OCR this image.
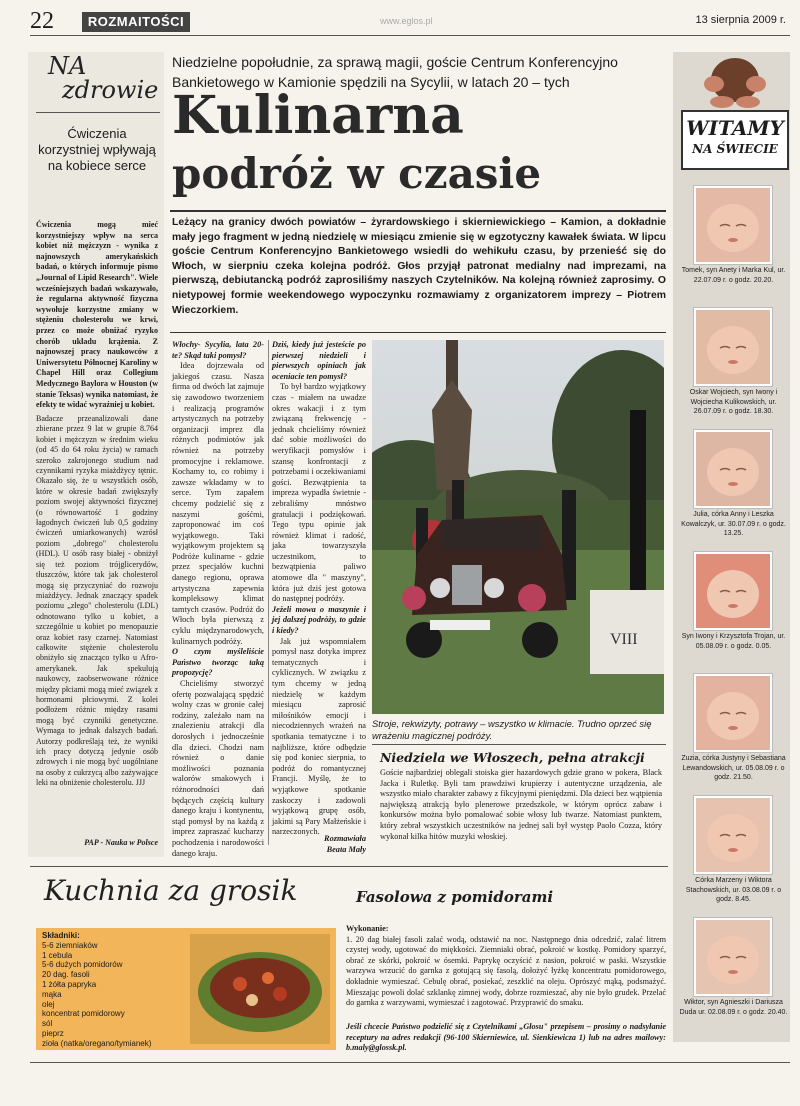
22	ROZMAITOŚCI	www.eglos.pl	13 sierpnia 2009 r.
NA
zdrowie
Ćwiczenia korzystniej wpływają na kobiece serce
Ćwiczenia mogą mieć korzystniejszy wpływ na serca kobiet niż mężczyzn - wynika z najnowszych amerykańskich badań, o których informuje pismo „Journal of Lipid Research". Wiele wcześniejszych badań wskazywało, że regularna aktywność fizyczna wywołuje korzystne zmiany w stężeniu cholesterolu we krwi, przez co może obniżać ryzyko chorób układu krążenia. Z najnowszej pracy naukowców z Uniwersytetu Północnej Karoliny w Chapel Hill oraz Collegium Medycznego Baylora w Houston (w stanie Teksas) wynika natomiast, że efekty te widać wyraźniej u kobiet.
Badacze przeanalizowali dane zbierane przez 9 lat w grupie 8.764 kobiet i mężczyzn w średnim wieku (od 45 do 64 roku życia) w ramach szeroko zakrojonego studium nad czynnikami ryzyka miażdżycy tętnic. Okazało się, że u wszystkich osób, które w okresie badań zwiększyły poziom swojej aktywności fizycznej (o równowartość 1 godziny łagodnych ćwiczeń lub 0,5 godziny ćwiczeń umiarkowanych) wzrósł poziom „dobrego" cholesterolu (HDL). U osób rasy białej - obniżył się też poziom trójglicerydów, tłuszczów, które tak jak cholesterol mogą się przyczyniać do rozwoju miażdżycy. Jednak znaczący spadek poziomu „złego" cholesterolu (LDL) odnotowano tylko u kobiet, a szczególnie u kobiet po menopauzie oraz kobiet rasy czarnej. Natomiast całkowite stężenie cholesterolu obniżyło się znacząco tylko u Afro-amerykanek. Jak spekulują naukowcy, zaobserwowane różnice między płciami mogą mieć związek z hormonami płciowymi. Z kolei podłożem różnic między rasami mogą być czynniki genetyczne. Wymaga to jednak dalszych badań. Autorzy podkreślają też, że wyniki ich pracy dotyczą jedynie osób zdrowych i nie mogą być uogólniane na osoby z cukrzycą albo zażywające leki na obniżenie cholesterolu. JJJ
PAP - Nauka w Polsce
Niedzielne popołudnie, za sprawą magii, goście Centrum Konferencyjno Bankietowego w Kamionie spędzili na Sycylii, w latach 20 – tych
Kulinarna
podróż w czasie
Leżący na granicy dwóch powiatów – żyrardowskiego i skierniewickiego – Kamion, a dokładnie mały jego fragment w jedną niedzielę w miesiącu zmienie się w egzotyczny kawałek świata. W lipcu goście Centrum Konferencyjno Bankietowego wsiedli do wehikułu czasu, by przenieść się do Włoch, w sierpniu czeka kolejna podróż. Głos przyjął patronat medialny nad imprezami, na pierwszą, debiutancką podróż zaprosiliśmy naszych Czytelników. Na kolejną również zaprosimy. O nietypowej formie weekendowego wypoczynku rozmawiamy z organizatorem imprezy – Piotrem Wieczorkiem.

Włochy- Sycylia, lata 20-te? Skąd taki pomysł?

Idea dojrzewała od jakiegoś czasu. Nasza firma od dwóch lat zajmuje się zawodowo tworzeniem i realizacją programów artystycznych na potrzeby organizacji imprez dla różnych podmiotów jak również na potrzeby promocyjne i reklamowe. Kochamy to, co robimy i zawsze wkładamy w to serce. Tym zapałem chcemy podzielić się z naszymi gośćmi, zaproponować im coś wyjątkowego. Taki wyjątkowym projektem są Podróże kulinarne - gdzie przez specjałów kuchni danego regionu, oprawa artystyczna zapewnia kompleksowy klimat tamtych czasów. Podróż do Włoch była pierwszą z cyklu międzynarodowych, kulinarnych podróży.

O czym myśleliście Państwo tworząc taką propozycję?

Chcieliśmy stworzyć ofertę pozwalającą spędzić wolny czas w gronie całej rodziny, zależało nam na znalezieniu atrakcji dla dorosłych i jednocześnie dla dzieci. Chodzi nam również o danie możliwości poznania walorów smakowych i różnorodności dań będących częścią kultury danego kraju i kontynentu, stąd pomysł by na każdą z imprez zapraszać kucharzy pochodzenia i narodowości danego kraju.

Dziś, kiedy już jesteście po pierwszej niedzieli i pierwszych opiniach jak oceniacie ten pomysł?

To był bardzo wyjątkowy czas - miałem na uwadze okres wakacji i z tym związaną frekwencję - jednak chcieliśmy również dać sobie możliwości do weryfikacji pomysłów i szansę konfrontacji z potrzebami i oczekiwaniami gości. Bezwątpienia ta impreza wypadła świetnie - zebraliśmy mnóstwo gratulacji i podziękowań. Tego typu opinie jak również klimat i radość, jaka towarzyszyła uczestnikom, to bezwątpienia paliwo atomowe dla " maszyny", która już dziś jest gotowa do następnej podróży.

Jeżeli mowa o maszynie i jej dalszej podróży, to gdzie i kiedy?

Jak już wspomniałem pomysł nasz dotyka imprez tematycznych i cyklicznych. W związku z tym chcemy w jedną niedzielę w każdym miesiącu zaprosić miłośników emocji i niecodziennych wrażeń na spotkania tematyczne i to najbliższe, które odbędzie się pod koniec sierpnia, to podróż do romantycznej Francji. Myślę, że to wyjątkowe spotkanie zaskoczy i zadowoli wyjątkową grupę osób, jakimi są Pary Małżeńskie i narzeczonych.

Rozmawiała
Beata Mały
VIII
Stroje, rekwizyty, potrawy – wszystko w klimacie. Trudno oprzeć się wrażeniu magicznej podróży.
Niedziela we Włoszech, pełna atrakcji
Goście najbardziej oblegali stoiska gier hazardowych gdzie grano w pokera, Black Jacka i Ruletkę. Byli tam prawdziwi krupierzy i autentyczne urządzenia, ale wszystko miało charakter zabawy z fikcyjnymi pieniędzmi. Dla dzieci bez wątpienia największą atrakcją było plenerowe przedszkole, w którym oprócz zabaw i konkursów można było pomalować sobie włosy lub twarze. Natomiast punktem, który zebrał wszystkich uczestników na jednej sali był występ Paolo Cozza, który wykonał kilka hitów muzyki włoskiej.
WITAMY
NA ŚWIECIE
Tomek, syn Anety i Marka Kul, ur. 22.07.09 r. o godz. 20.20.
Oskar Wojciech, syn Iwony i Wojciecha Kulikowskich, ur. 26.07.09 r. o godz. 18.30.
Julia, córka Anny i Leszka Kowalczyk, ur. 30.07.09 r. o godz. 13.25.
Syn Iwony i Krzysztofa Trojan, ur. 05.08.09 r. o godz. 0.05.
Zuzia, córka Justyny i Sebastiana Lewandowskich, ur. 05.08.09 r. o godz. 21.50.
Córka Marzeny i Wiktora Stachowskich, ur. 03.08.09 r. o godz. 8.45.
Wiktor, syn Agnieszki i Dariusza Duda ur. 02.08.09 r. o godz. 20.40.
Kuchnia za grosik	Fasolowa z pomidorami
Składniki:
5-6 ziemniaków
1 cebula
5-6 dużych pomidorów
20 dag. fasoli
1 żółta papryka
mąka
olej
koncentrat pomidorowy
sól
pieprz
zioła (natka/oregano/tymianek)
Wykonanie:
1. 20 dag białej fasoli zalać wodą, odstawić na noc. Następnego dnia odcedzić, zalać litrem czystej wody, ugotować do miękkości. Ziemniaki obrać, pokroić w kostkę. Pomidory sparzyć, obrać ze skórki, pokroić w ósemki. Paprykę oczyścić z nasion, pokroić w paski. Wszystkie warzywa wrzucić do garnka z gotującą się fasolą, dołożyć łyżkę koncentratu pomidorowego, dokładnie wymieszać. Cebulę obrać, posiekać, zeszklić na oleju. Oprószyć mąką, podsmażyć. Mieszając powoli dolać szklankę zimnej wody, dobrze rozmieszać, aby nie było grudek. Przelać do garnka z warzywami, wymieszać i zagotować. Przyprawić do smaku.
Jeśli chcecie Państwo podzielić się z Czytelnikami „Głosu" przepisem – prosimy o nadsyłanie receptury na adres redakcji (96-100 Skierniewice, ul. Sienkiewicza 1) lub na adres mailowy: b.maly@glossk.pl.
